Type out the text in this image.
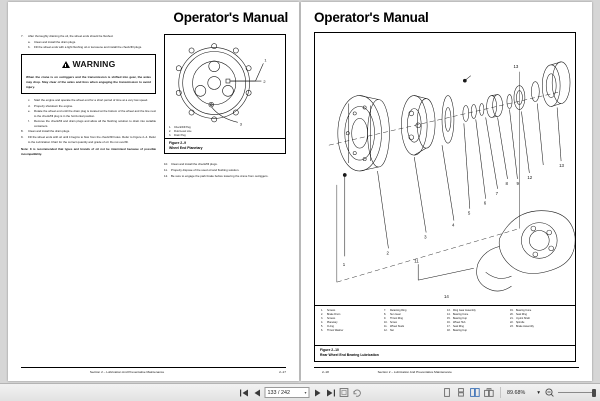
Operator's Manual
7.	After thoroughly draining the oil, the wheel ends should be flushed.
a.	Clean and install the drain plugs.
b.	Fill the wheel ends with a light flushing oil or kerosene and install the check/fill plugs.
WARNING
When the crane is on outriggers and the transmission is shifted into gear, the axles may drop. Stay clear of the axles and tires when engaging the transmission to avoid injury.
c.	Start the engine and operate the wheel end for a short period of time at a very low speed.
d.	Properly shutdown the engine.
e.	Rotate the wheel end until the drain plug is located at the bottom of the wheel and the line next to the check/fill plug is in the horizontal position.
f.	Remove the check/fill and drain plugs and allow all the flushing solution to drain into suitable containers.
8.	Clean and install the drain plugs.
9.	Fill the wheel ends with oil until it begins to flow from the check/fill holes. Refer to Figure 2–4. Refer to the Lubrication Chart for the correct quantity and grade of oil. Do not overfill.
Note: It is recommended that types and brands of oil not be intermixed because of possible incompatibility.
1
2
3
1.	Check/Fill Plug
2.	Fluid Level Line
3.	Drain Plug
Figure 2–9
Wheel End Planetary
10.	Clean and install the check/fill plugs.
11.	Properly dispose of the used oil and flushing solution.
12.	Be sure to engage the park brake before lowering the crane from outriggers.
Section 2 – Lubrication And Preventative Maintenance	2–17
Operator's Manual
13
1
2
3
4
5
6
7
8 9
12
13
11
14
1.	Screws
2.	Brake Drum
3.	Screws
4.	Planetary
5.	O-ring
6.	Thrust Washer
7.	Retaining Ring
8.	Sun Gear
9.	Thrust Ring
10.	Screw
11.	Wheel Studs
12.	Nut
13.	Ring Gear Assembly
14.	Bearing Cone
15.	Bearing Cup
16.	Wheel Hub
17.	Seal Ring
18.	Bearing Cup
19.	Bearing Cone
20.	Seal Ring
21.	U-joint Shaft
22.	Spindle
23.	Brake Assembly
Figure 2–10
Rear Wheel End Bearing Lubrication
2–18	Section 2 – Lubrication And Preventative Maintenance
133 / 242	▾	89.68% ▾
